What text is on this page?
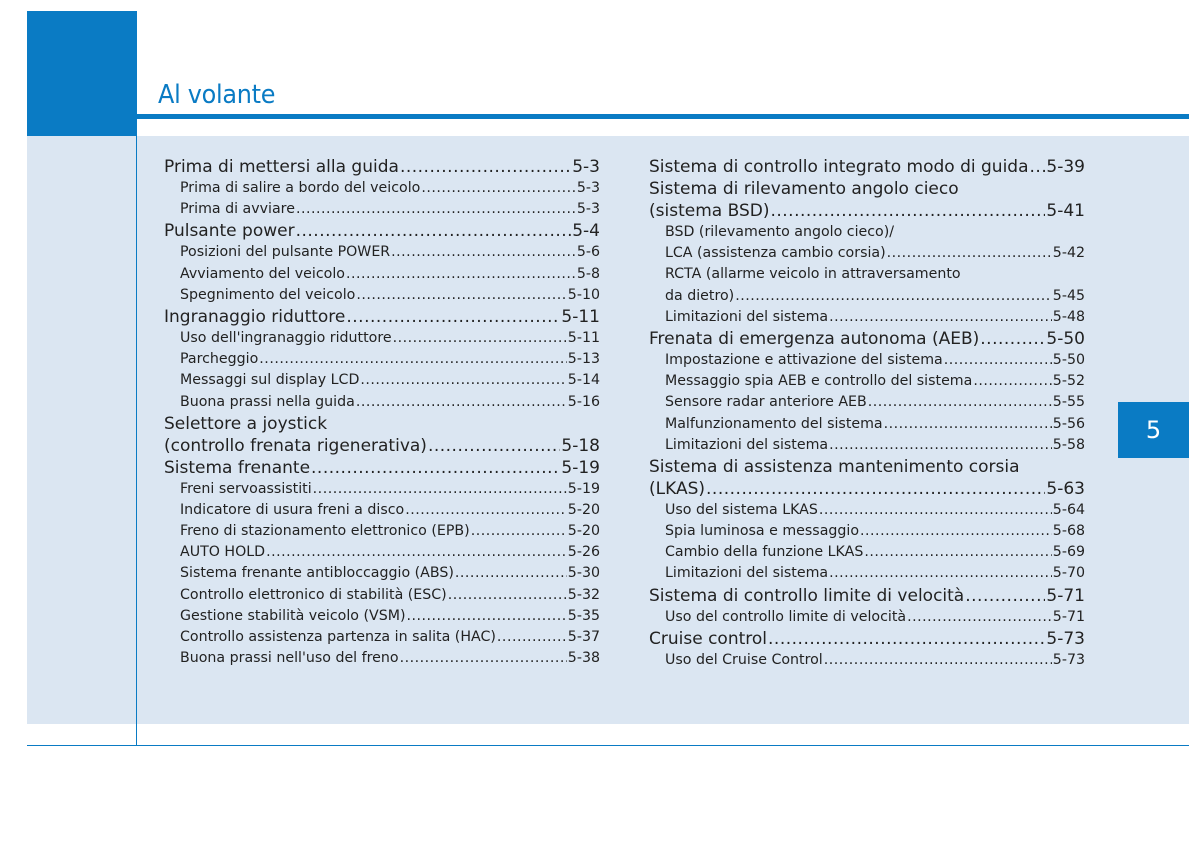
Al volante
5
Prima di mettersi alla guida .....	5-3
Prima di salire a bordo del veicolo .....	5-3
Prima di avviare .....	5-3
Pulsante power .....	5-4
Posizioni del pulsante POWER .....	5-6
Avviamento del veicolo .....	5-8
Spegnimento del veicolo .....	5-10
Ingranaggio riduttore .....	5-11
Uso dell'ingranaggio riduttore .....	5-11
Parcheggio .....	5-13
Messaggi sul display LCD .....	5-14
Buona prassi nella guida .....	5-16
Selettore a joystick
(controllo frenata rigenerativa) .....	5-18
Sistema frenante .....	5-19
Freni servoassistiti .....	5-19
Indicatore di usura freni a disco .....	5-20
Freno di stazionamento elettronico (EPB) .....	5-20
AUTO HOLD .....	5-26
Sistema frenante antibloccaggio (ABS) .....	5-30
Controllo elettronico di stabilità (ESC) .....	5-32
Gestione stabilità veicolo (VSM) .....	5-35
Controllo assistenza partenza in salita (HAC) .....	5-37
Buona prassi nell'uso del freno .....	5-38
Sistema di controllo integrato modo di guida ..... 5-39
Sistema di rilevamento angolo cieco
(sistema BSD) .....	5-41
BSD (rilevamento angolo cieco)/
LCA (assistenza cambio corsia) .....	5-42
RCTA (allarme veicolo in attraversamento
da dietro) .....	5-45
Limitazioni del sistema .....	5-48
Frenata di emergenza autonoma (AEB) .....	5-50
Impostazione e attivazione del sistema .....	5-50
Messaggio spia AEB e controllo del sistema .....	5-52
Sensore radar anteriore AEB .....	5-55
Malfunzionamento del sistema .....	5-56
Limitazioni del sistema .....	5-58
Sistema di assistenza mantenimento corsia
(LKAS) .....	5-63
Uso del sistema LKAS .....	5-64
Spia luminosa e messaggio .....	5-68
Cambio della funzione LKAS .....	5-69
Limitazioni del sistema .....	5-70
Sistema di controllo limite di velocità .....	5-71
Uso del controllo limite di velocità .....	5-71
Cruise control .....	5-73
Uso del Cruise Control .....	5-73
